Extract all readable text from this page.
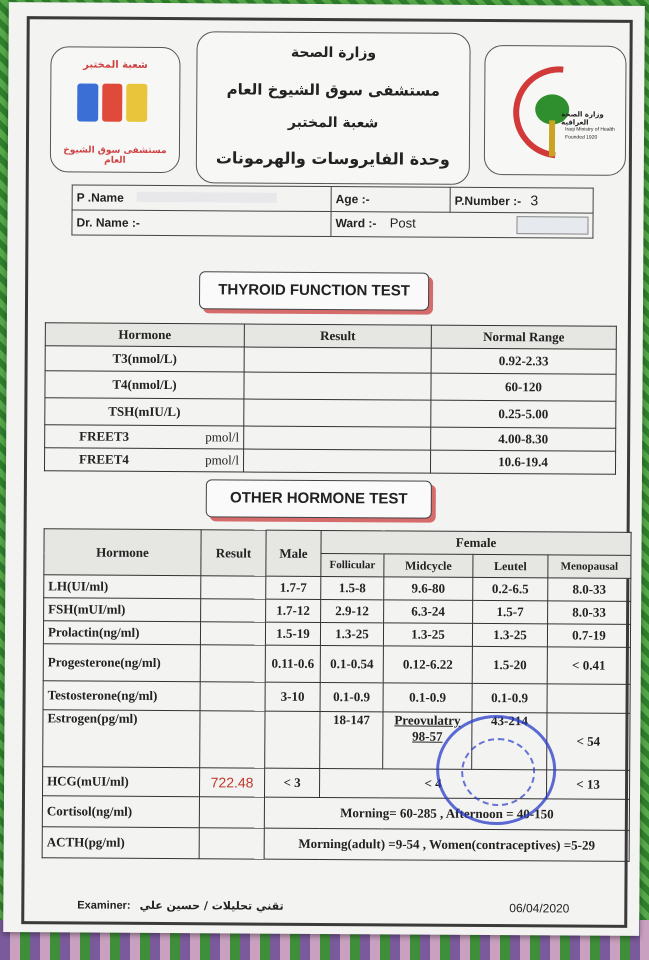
شعبة المختبر
مستشفى سوق الشيوخ العام
وزارة الصحة
مستشفى سوق الشيوخ العام
شعبة المختبر
وحدة الفايروسات والهرمونات
وزارة الصحة العراقية
Iraqi Ministry of Health
Founded 1920
P .Name	Age :-	P.Number :- 3
Dr. Name :-	Ward :- Post	
THYROID FUNCTION TEST
Hormone	Result	Normal Range
T3(nmol/L)		0.92-2.33
T4(nmol/L)		60-120
TSH(mIU/L)		0.25-5.00
FREET3 pmol/l		4.00-8.30
FREET4 pmol/l		10.6-19.4
OTHER HORMONE TEST
Hormone	Result	Male	Female			
			Follicular	Midcycle	Leutel	Menopausal
LH(UI/ml)		1.7-7	1.5-8	9.6-80	0.2-6.5	8.0-33
FSH(mUI/ml)		1.7-12	2.9-12	6.3-24	1.5-7	8.0-33
Prolactin(ng/ml)		1.5-19	1.3-25	1.3-25	1.3-25	0.7-19
Progesterone(ng/ml)		0.11-0.6	0.1-0.54	0.12-6.22	1.5-20	< 0.41
Testosterone(ng/ml)		3-10	0.1-0.9	0.1-0.9	0.1-0.9	
Estrogen(pg/ml)			18-147	Preovulatry 98-57	43-214	< 54
HCG(mUI/ml)	722.48	< 3	< 4			< 13
Cortisol(ng/ml)		Morning= 60-285 , Afternoon = 40-150				
ACTH(pg/ml)		Morning(adult) =9-54 , Women(contraceptives) =5-29				
Examiner: تقني تحليلات / حسين علي	06/04/2020
